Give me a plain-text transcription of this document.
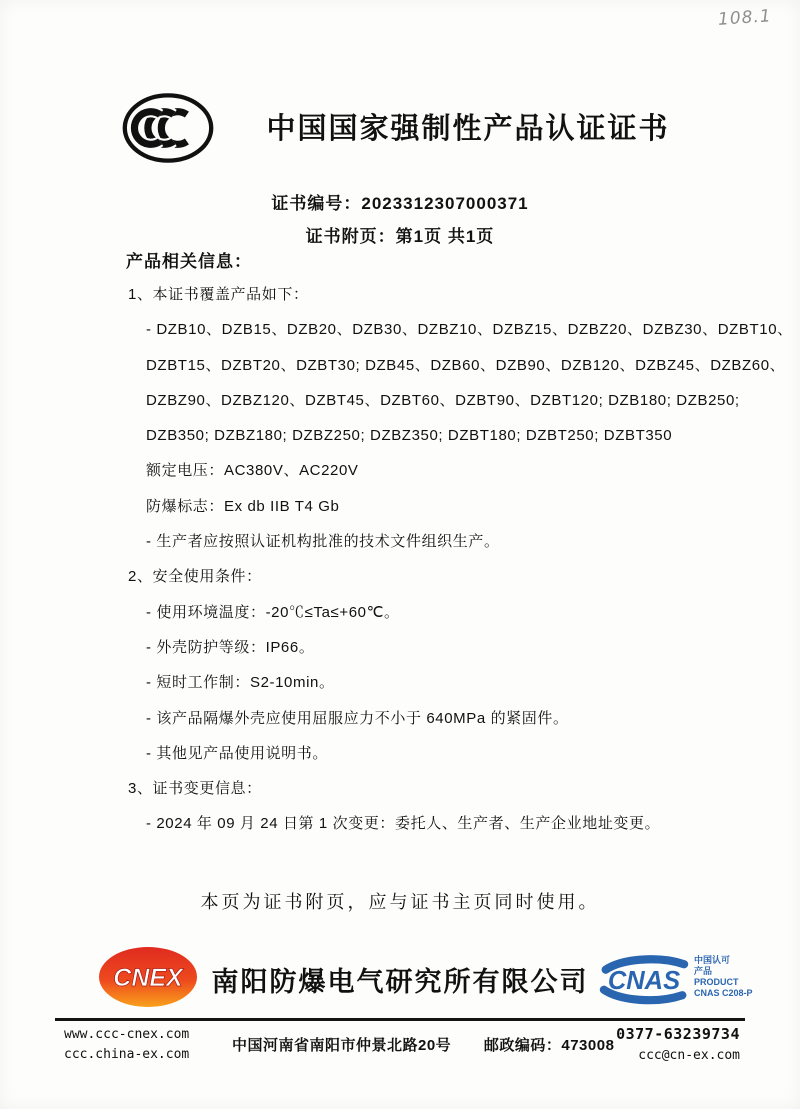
108.1
中国国家强制性产品认证证书
证书编号：2023312307000371
证书附页：第1页 共1页
产品相关信息：
1、本证书覆盖产品如下：
- DZB10、DZB15、DZB20、DZB30、DZBZ10、DZBZ15、DZBZ20、DZBZ30、DZBT10、
DZBT15、DZBT20、DZBT30; DZB45、DZB60、DZB90、DZB120、DZBZ45、DZBZ60、
DZBZ90、DZBZ120、DZBT45、DZBT60、DZBT90、DZBT120; DZB180; DZB250;
DZB350; DZBZ180; DZBZ250; DZBZ350; DZBT180; DZBT250; DZBT350
额定电压：AC380V、AC220V
防爆标志：Ex db IIB T4 Gb
- 生产者应按照认证机构批准的技术文件组织生产。
2、安全使用条件：
- 使用环境温度：-20℃≤Ta≤+60℃。
- 外壳防护等级：IP66。
- 短时工作制：S2-10min。
- 该产品隔爆外壳应使用屈服应力不小于 640MPa 的紧固件。
- 其他见产品使用说明书。
3、证书变更信息：
- 2024 年 09 月 24 日第 1 次变更：委托人、生产者、生产企业地址变更。
本页为证书附页，应与证书主页同时使用。
CNEX	南阳防爆电气研究所有限公司 CNAS
中国认可
产品
PRODUCT
CNAS C208-P
www.ccc-cnex.com
ccc.china-ex.com
中国河南省南阳市仲景北路20号 邮政编码：473008
0377-63239734
ccc@cn-ex.com
